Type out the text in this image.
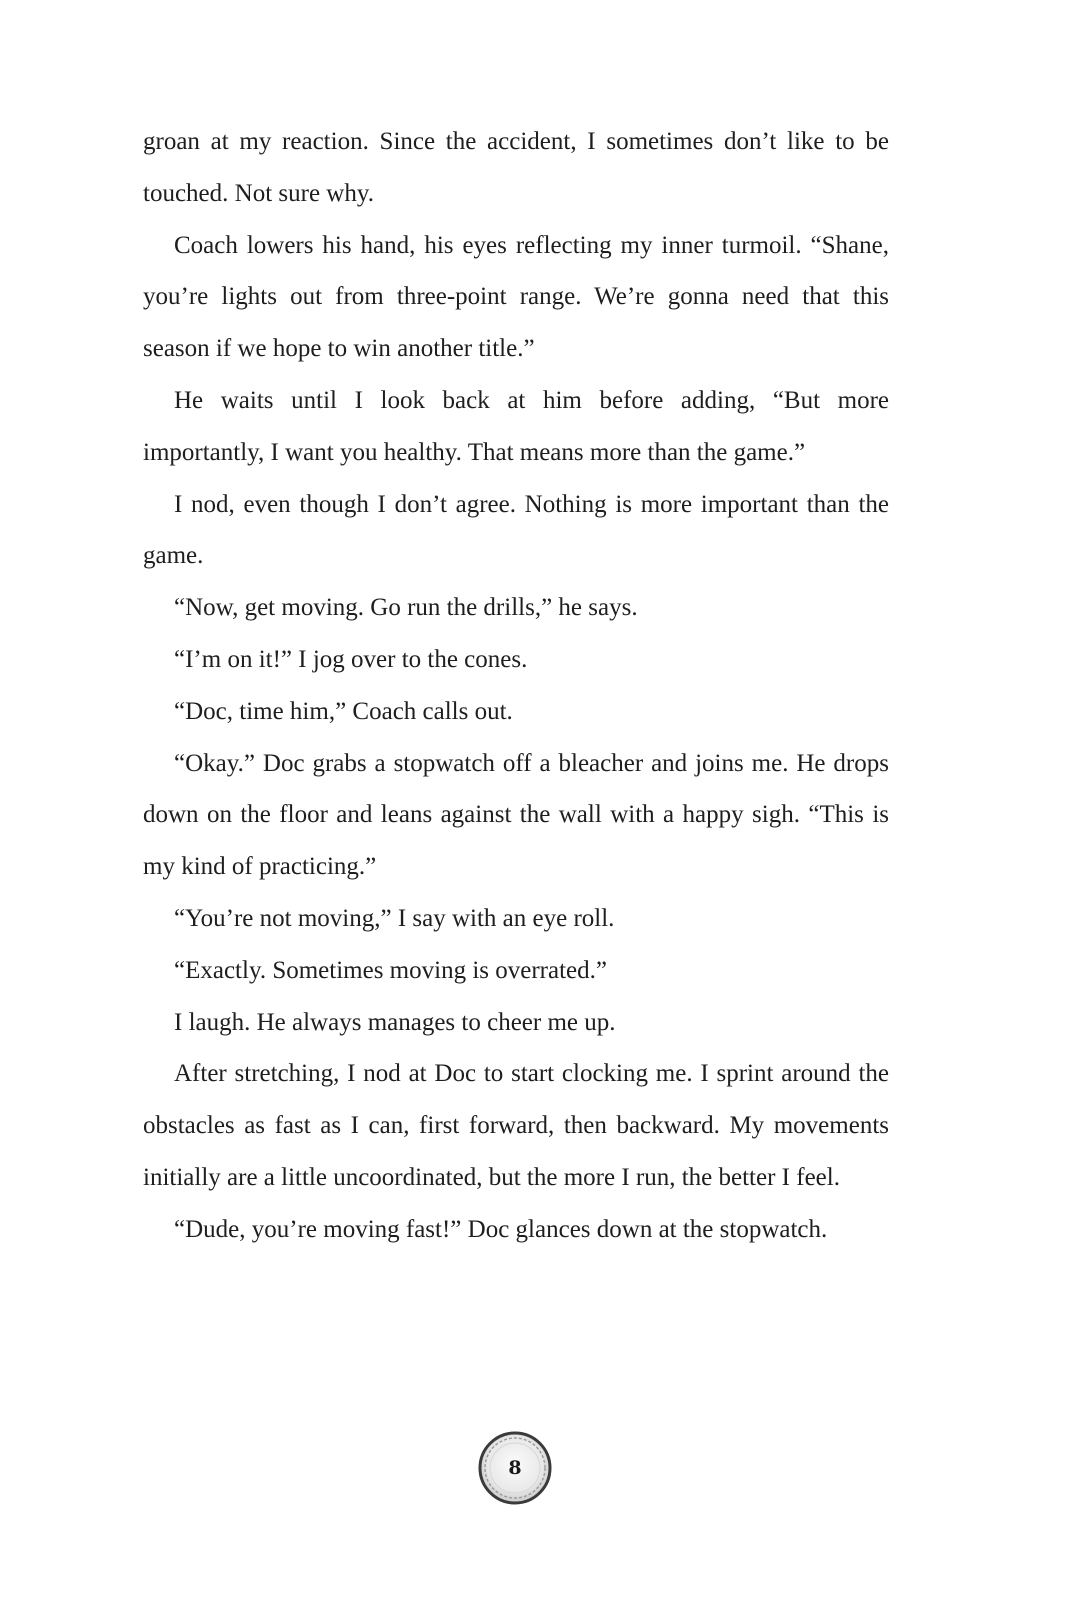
groan at my reaction. Since the accident, I sometimes don’t like to be touched. Not sure why.

Coach lowers his hand, his eyes reflecting my inner turmoil. “Shane, you’re lights out from three-point range. We’re gonna need that this season if we hope to win another title.”

He waits until I look back at him before adding, “But more importantly, I want you healthy. That means more than the game.”

I nod, even though I don’t agree. Nothing is more important than the game.

“Now, get moving. Go run the drills,” he says.

“I’m on it!” I jog over to the cones.

“Doc, time him,” Coach calls out.

“Okay.” Doc grabs a stopwatch off a bleacher and joins me. He drops down on the floor and leans against the wall with a happy sigh. “This is my kind of practicing.”

“You’re not moving,” I say with an eye roll.

“Exactly. Sometimes moving is overrated.”

I laugh. He always manages to cheer me up.

After stretching, I nod at Doc to start clocking me. I sprint around the obstacles as fast as I can, first forward, then backward. My movements initially are a little uncoordinated, but the more I run, the better I feel.

“Dude, you’re moving fast!” Doc glances down at the stopwatch.

8
